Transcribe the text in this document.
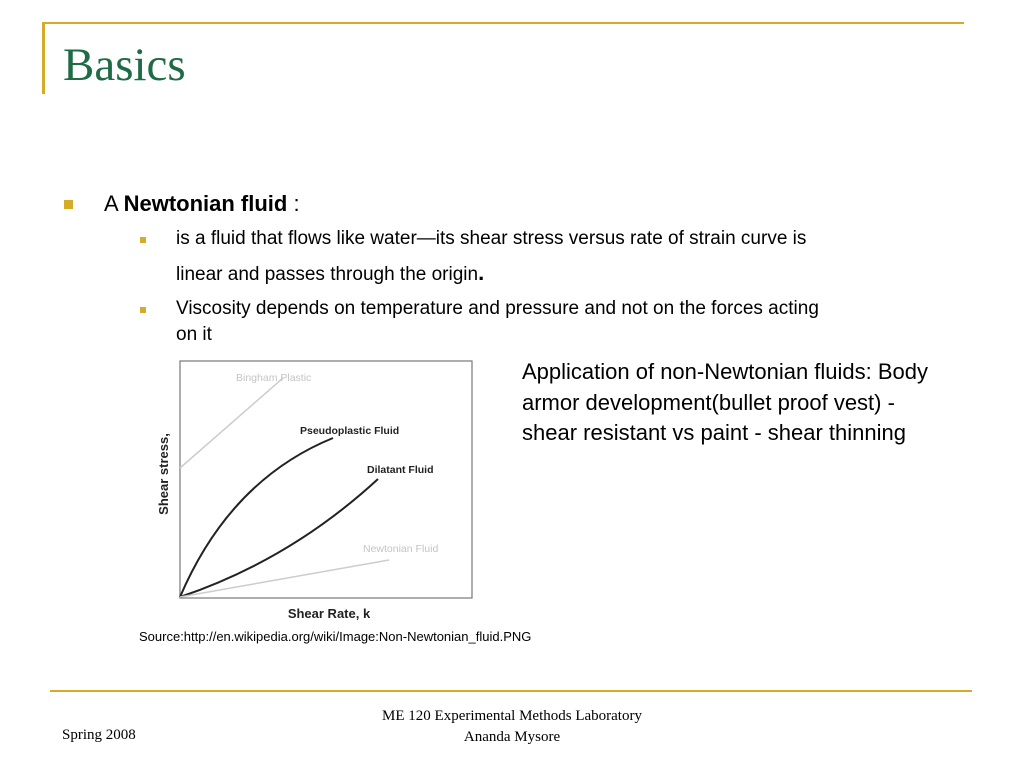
Basics
A Newtonian fluid :
is a fluid that flows like water—its shear stress versus rate of strain curve is
linear and passes through the origin.
Viscosity depends on temperature and pressure and not on the forces acting
on it
Bingham Plastic
Pseudoplastic Fluid
Dilatant Fluid
Newtonian Fluid
Shear Rate, k
Shear stress,
Application of non-Newtonian fluids: Body armor development(bullet proof vest) - shear resistant vs paint - shear thinning
Source:http://en.wikipedia.org/wiki/Image:Non-Newtonian_fluid.PNG
Spring 2008
ME 120 Experimental Methods Laboratory
Ananda Mysore
